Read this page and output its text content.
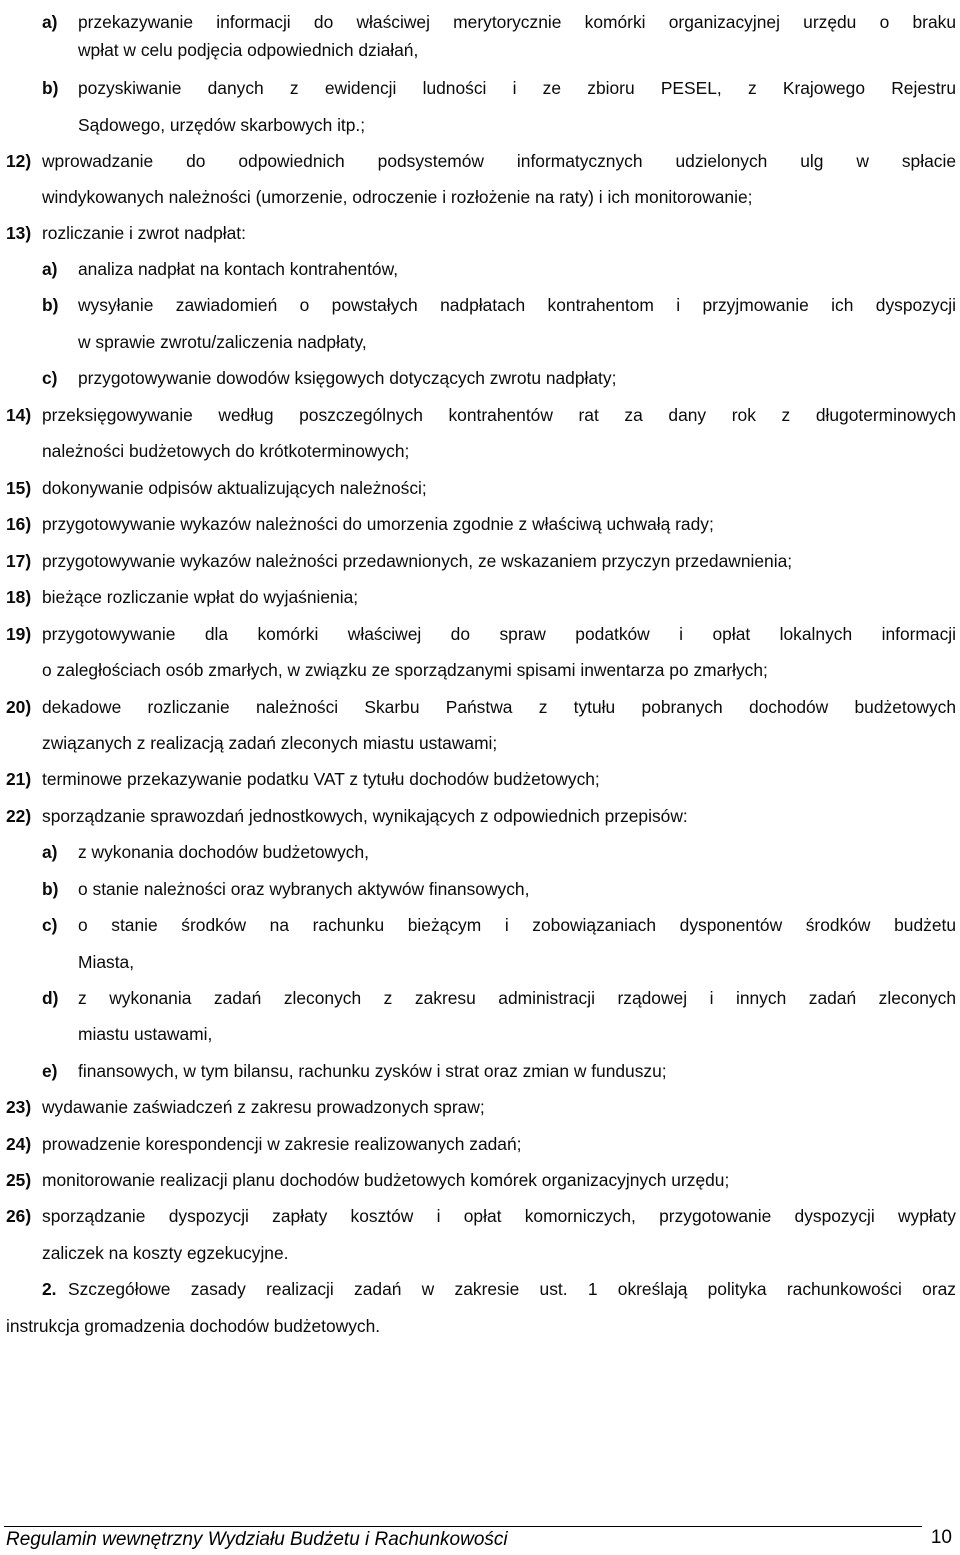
a) przekazywanie informacji do właściwej merytorycznie komórki organizacyjnej urzędu o braku
wpłat w celu podjęcia odpowiednich działań,
b) pozyskiwanie danych z ewidencji ludności i ze zbioru PESEL, z Krajowego Rejestru
Sądowego, urzędów skarbowych itp.;
12) wprowadzanie do odpowiednich podsystemów informatycznych udzielonych ulg w spłacie
windykowanych należności (umorzenie, odroczenie i rozłożenie na raty) i ich monitorowanie;
13) rozliczanie i zwrot nadpłat:
a) analiza nadpłat na kontach kontrahentów,
b) wysyłanie zawiadomień o powstałych nadpłatach kontrahentom i przyjmowanie ich dyspozycji
w sprawie zwrotu/zaliczenia nadpłaty,
c) przygotowywanie dowodów księgowych dotyczących zwrotu nadpłaty;
14) przeksięgowywanie według poszczególnych kontrahentów rat za dany rok z długoterminowych
należności budżetowych do krótkoterminowych;
15) dokonywanie odpisów aktualizujących należności;
16) przygotowywanie wykazów należności do umorzenia zgodnie z właściwą uchwałą rady;
17) przygotowywanie wykazów należności przedawnionych, ze wskazaniem przyczyn przedawnienia;
18) bieżące rozliczanie wpłat do wyjaśnienia;
19) przygotowywanie dla komórki właściwej do spraw podatków i opłat lokalnych informacji
o zaległościach osób zmarłych, w związku ze sporządzanymi spisami inwentarza po zmarłych;
20) dekadowe rozliczanie należności Skarbu Państwa z tytułu pobranych dochodów budżetowych
związanych z realizacją zadań zleconych miastu ustawami;
21) terminowe przekazywanie podatku VAT z tytułu dochodów budżetowych;
22) sporządzanie sprawozdań jednostkowych, wynikających z odpowiednich przepisów:
a) z wykonania dochodów budżetowych,
b) o stanie należności oraz wybranych aktywów finansowych,
c) o stanie środków na rachunku bieżącym i zobowiązaniach dysponentów środków budżetu
Miasta,
d) z wykonania zadań zleconych z zakresu administracji rządowej i innych zadań zleconych
miastu ustawami,
e) finansowych, w tym bilansu, rachunku zysków i strat oraz zmian w funduszu;
23) wydawanie zaświadczeń z zakresu prowadzonych spraw;
24) prowadzenie korespondencji w zakresie realizowanych zadań;
25) monitorowanie realizacji planu dochodów budżetowych komórek organizacyjnych urzędu;
26) sporządzanie dyspozycji zapłaty kosztów i opłat komorniczych, przygotowanie dyspozycji wypłaty
zaliczek na koszty egzekucyjne.
2. Szczegółowe zasady realizacji zadań w zakresie ust. 1 określają polityka rachunkowości oraz
instrukcja gromadzenia dochodów budżetowych.
Regulamin wewnętrzny Wydziału Budżetu i Rachunkowości	10
